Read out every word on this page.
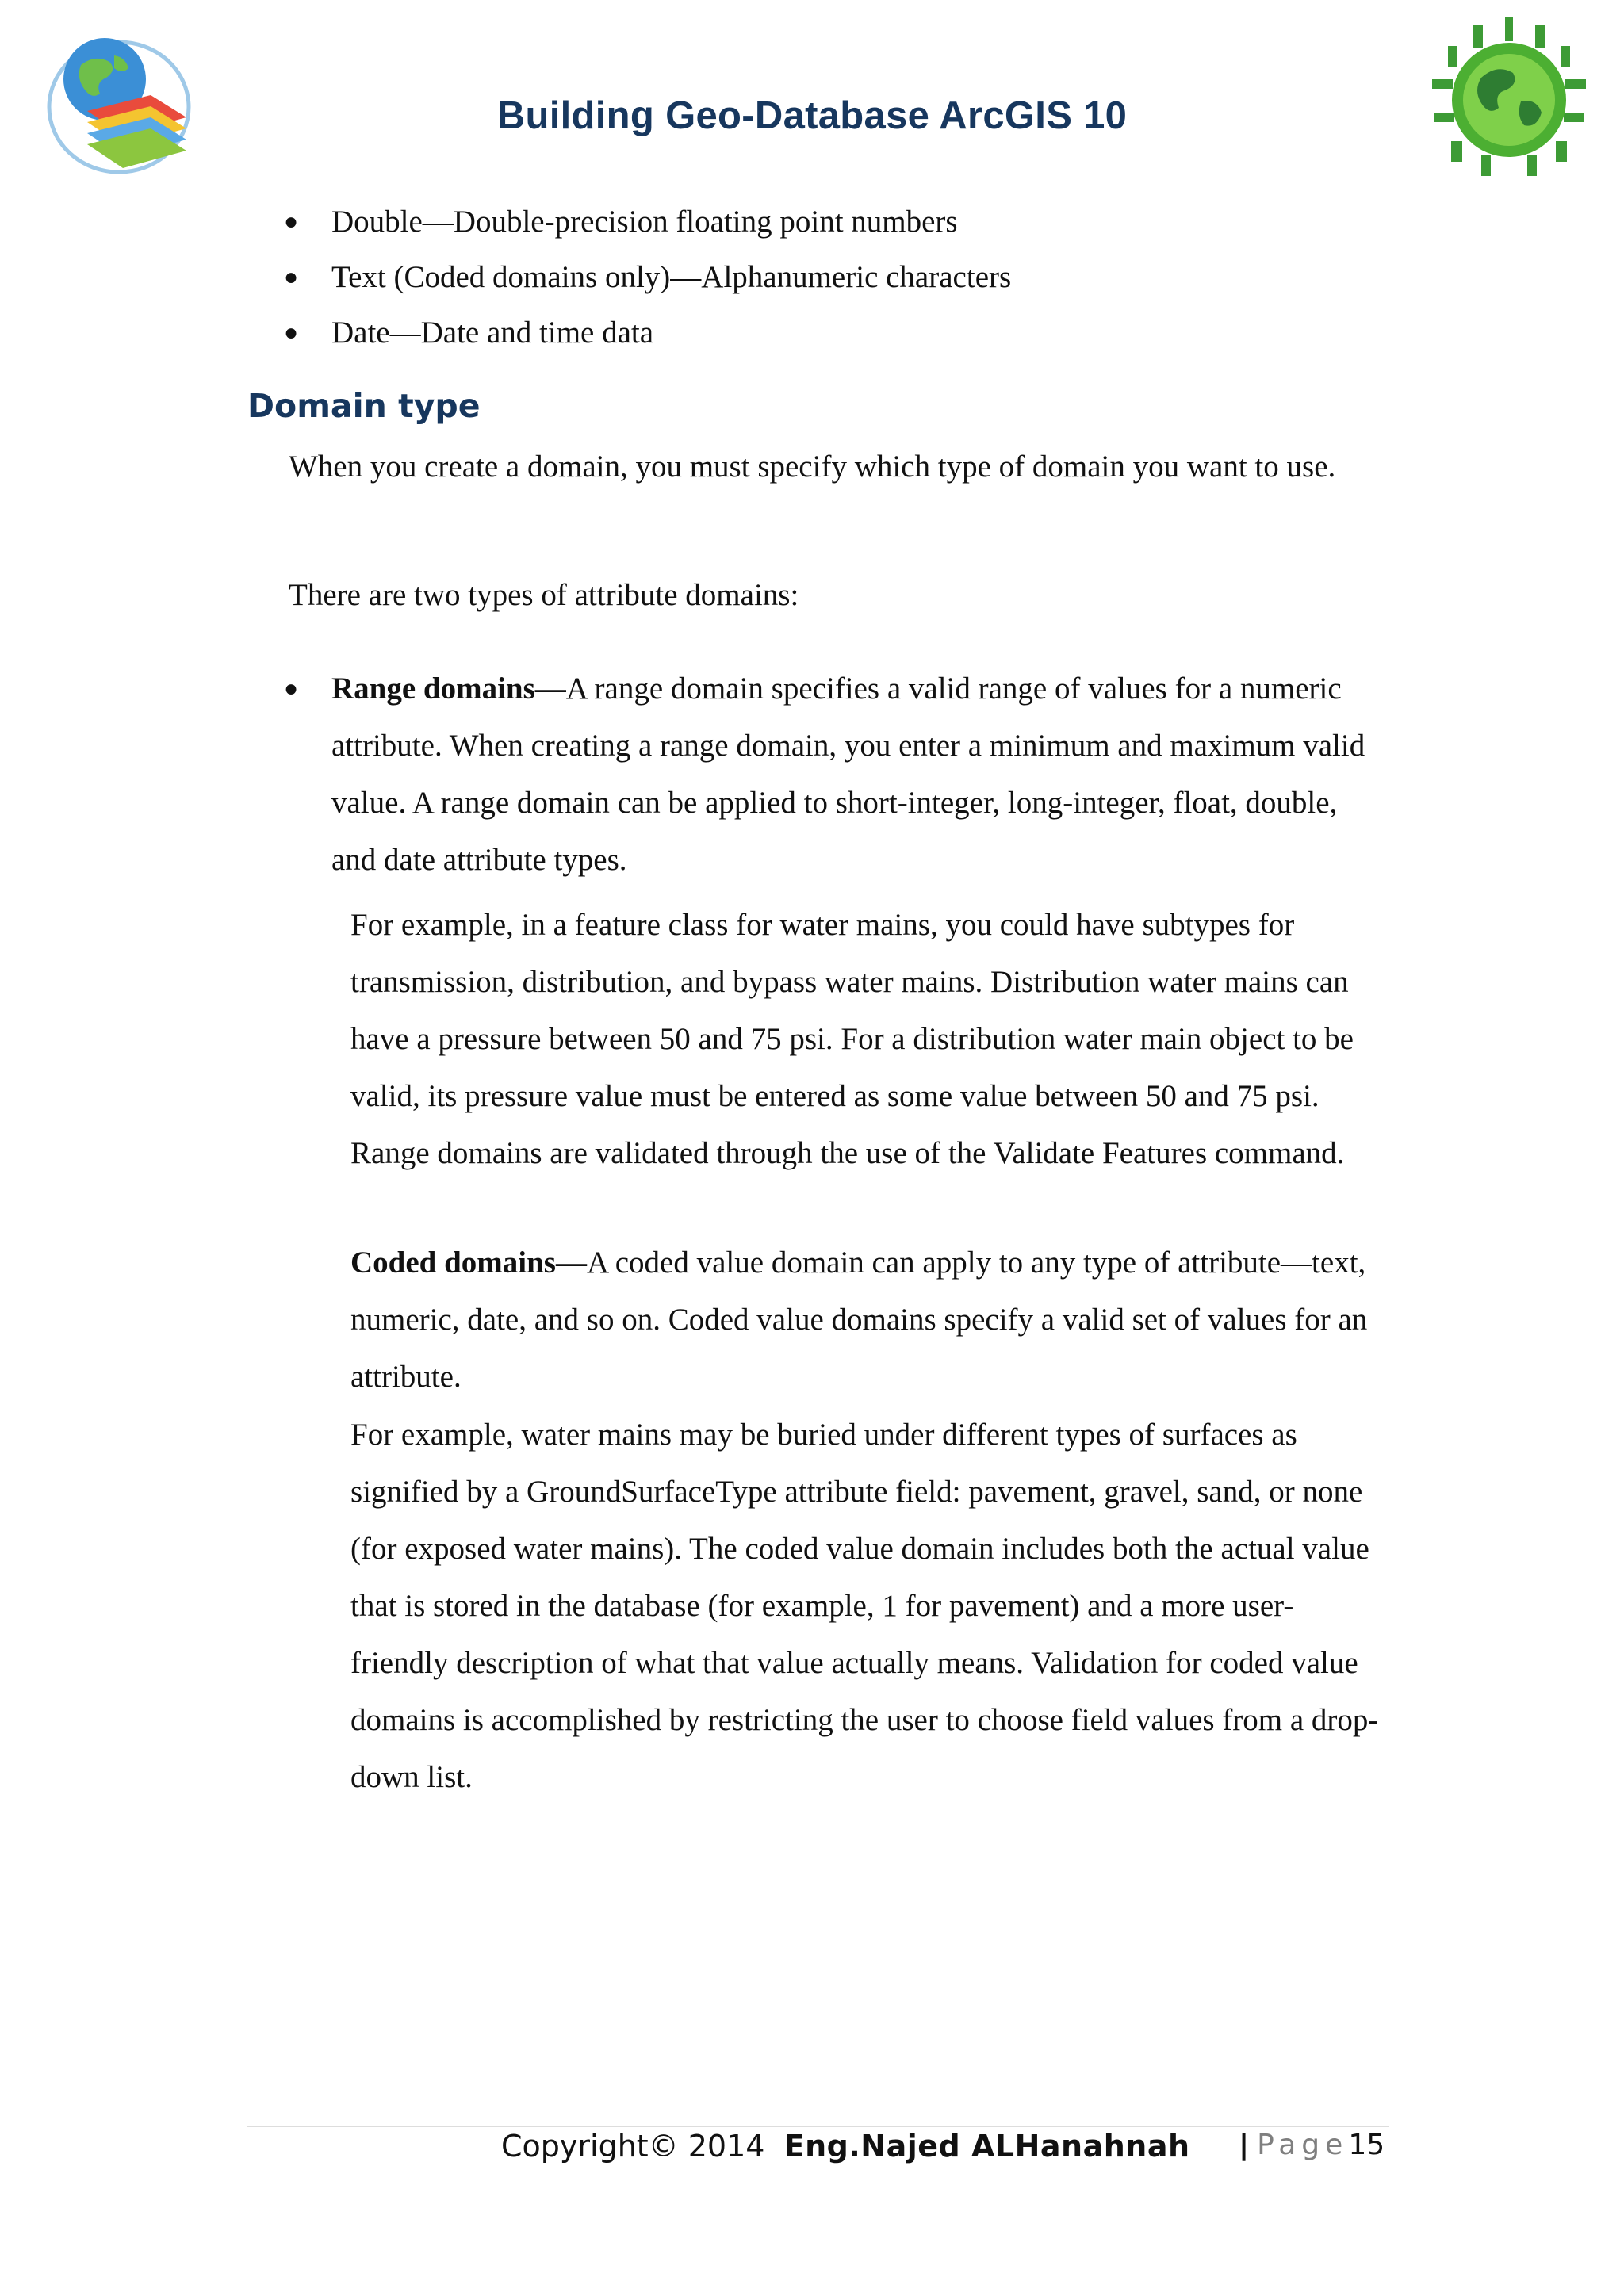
Building Geo-Database ArcGIS 10
● Double—Double-precision floating point numbers
● Text (Coded domains only)—Alphanumeric characters
● Date—Date and time data
Domain type

When you create a domain, you must specify which type of domain you want to use.

There are two types of attribute domains:

● Range domains—A range domain specifies a valid range of values for a numeric attribute. When creating a range domain, you enter a minimum and maximum valid value. A range domain can be applied to short-integer, long-integer, float, double, and date attribute types.

For example, in a feature class for water mains, you could have subtypes for transmission, distribution, and bypass water mains. Distribution water mains can have a pressure between 50 and 75 psi. For a distribution water main object to be valid, its pressure value must be entered as some value between 50 and 75 psi. Range domains are validated through the use of the Validate Features command.

Coded domains—A coded value domain can apply to any type of attribute—text, numeric, date, and so on. Coded value domains specify a valid set of values for an attribute.

For example, water mains may be buried under different types of surfaces as signified by a GroundSurfaceType attribute field: pavement, gravel, sand, or none (for exposed water mains). The coded value domain includes both the actual value that is stored in the database (for example, 1 for pavement) and a more user-friendly description of what that value actually means. Validation for coded value domains is accomplished by restricting the user to choose field values from a drop-down list.

Copyright© 2014 Eng.Najed ALHanahnah | Page15
